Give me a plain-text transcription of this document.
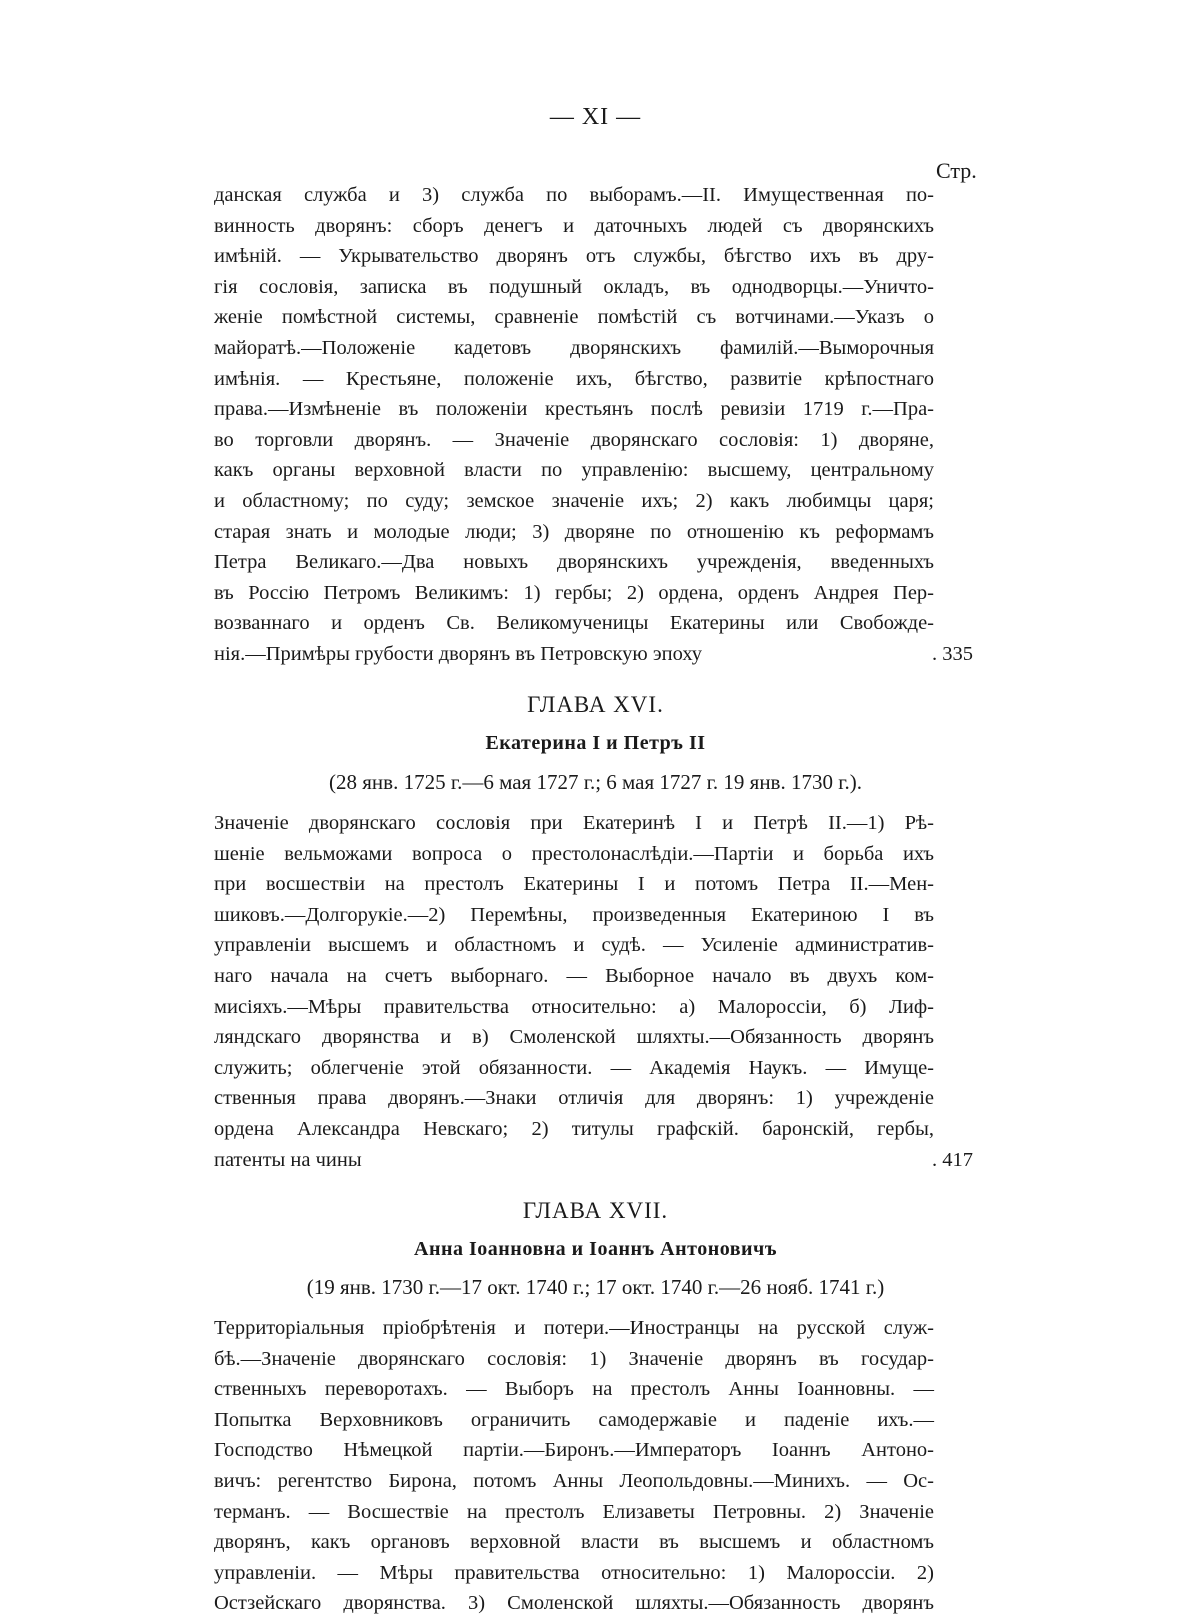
— XI —
Стр.
данская служба и 3) служба по выборамъ.—II. Имущественная по-
винность дворянъ: сборъ денегъ и даточныхъ людей съ дворянскихъ
имѣній. — Укрывательство дворянъ отъ службы, бѣгство ихъ въ дру-
гія сословія, записка въ подушный окладъ, въ однодворцы.—Уничто-
женіе помѣстной системы, сравненіе помѣстій съ вотчинами.—Указъ о
майоратѣ.—Положеніе кадетовъ дворянскихъ фамилій.—Выморочныя
имѣнія. — Крестьяне, положеніе ихъ, бѣгство, развитіе крѣпостнаго
права.—Измѣненіе въ положеніи крестьянъ послѣ ревизіи 1719 г.—Пра-
во торговли дворянъ. — Значеніе дворянскаго сословія: 1) дворяне,
какъ органы верховной власти по управленію: высшему, центральному
и областному; по суду; земское значеніе ихъ; 2) какъ любимцы царя;
старая знать и молодые люди; 3) дворяне по отношенію къ реформамъ
Петра Великаго.—Два новыхъ дворянскихъ учрежденія, введенныхъ
въ Россію Петромъ Великимъ: 1) гербы; 2) ордена, орденъ Андрея Пер-
возваннаго и орденъ Св. Великомученицы Екатерины или Свобожде-
нія.—Примѣры грубости дворянъ въ Петровскую эпоху	. 335
ГЛАВА XVI.
Екатерина I и Петръ II
(28 янв. 1725 г.—6 мая 1727 г.; 6 мая 1727 г. 19 янв. 1730 г.).
Значеніе дворянскаго сословія при Екатеринѣ I и Петрѣ II.—1) Рѣ-
шеніе вельможами вопроса о престолонаслѣдіи.—Партіи и борьба ихъ
при восшествіи на престолъ Екатерины I и потомъ Петра II.—Мен-
шиковъ.—Долгорукіе.—2) Перемѣны, произведенныя Екатериною I въ
управленіи высшемъ и областномъ и судѣ. — Усиленіе административ-
наго начала на счетъ выборнаго. — Выборное начало въ двухъ ком-
мисіяхъ.—Мѣры правительства относительно: а) Малороссіи, б) Лиф-
ляндскаго дворянства и в) Смоленской шляхты.—Обязанность дворянъ
служить; облегченіе этой обязанности. — Академія Наукъ. — Имуще-
ственныя права дворянъ.—Знаки отличія для дворянъ: 1) учрежденіе
ордена Александра Невскаго; 2) титулы графскій. баронскій, гербы,
патенты на чины	. 417
ГЛАВА XVII.
Анна Іоанновна и Іоаннъ Антоновичъ
(19 янв. 1730 г.—17 окт. 1740 г.; 17 окт. 1740 г.—26 нояб. 1741 г.)
Территоріальныя пріобрѣтенія и потери.—Иностранцы на русской служ-
бѣ.—Значеніе дворянскаго сословія: 1) Значеніе дворянъ въ государ-
ственныхъ переворотахъ. — Выборъ на престолъ Анны Іоанновны. —
Попытка Верховниковъ ограничить самодержавіе и паденіе ихъ.—
Господство Нѣмецкой партіи.—Биронъ.—Императоръ Іоаннъ Антоно-
вичъ: регентство Бирона, потомъ Анны Леопольдовны.—Минихъ. — Ос-
терманъ. — Восшествіе на престолъ Елизаветы Петровны. 2) Значеніе
дворянъ, какъ органовъ верховной власти въ высшемъ и областномъ
управленіи. — Мѣры правительства относительно: 1) Малороссіи. 2)
Остзейскаго дворянства. 3) Смоленской шляхты.—Обязанность дворянъ
